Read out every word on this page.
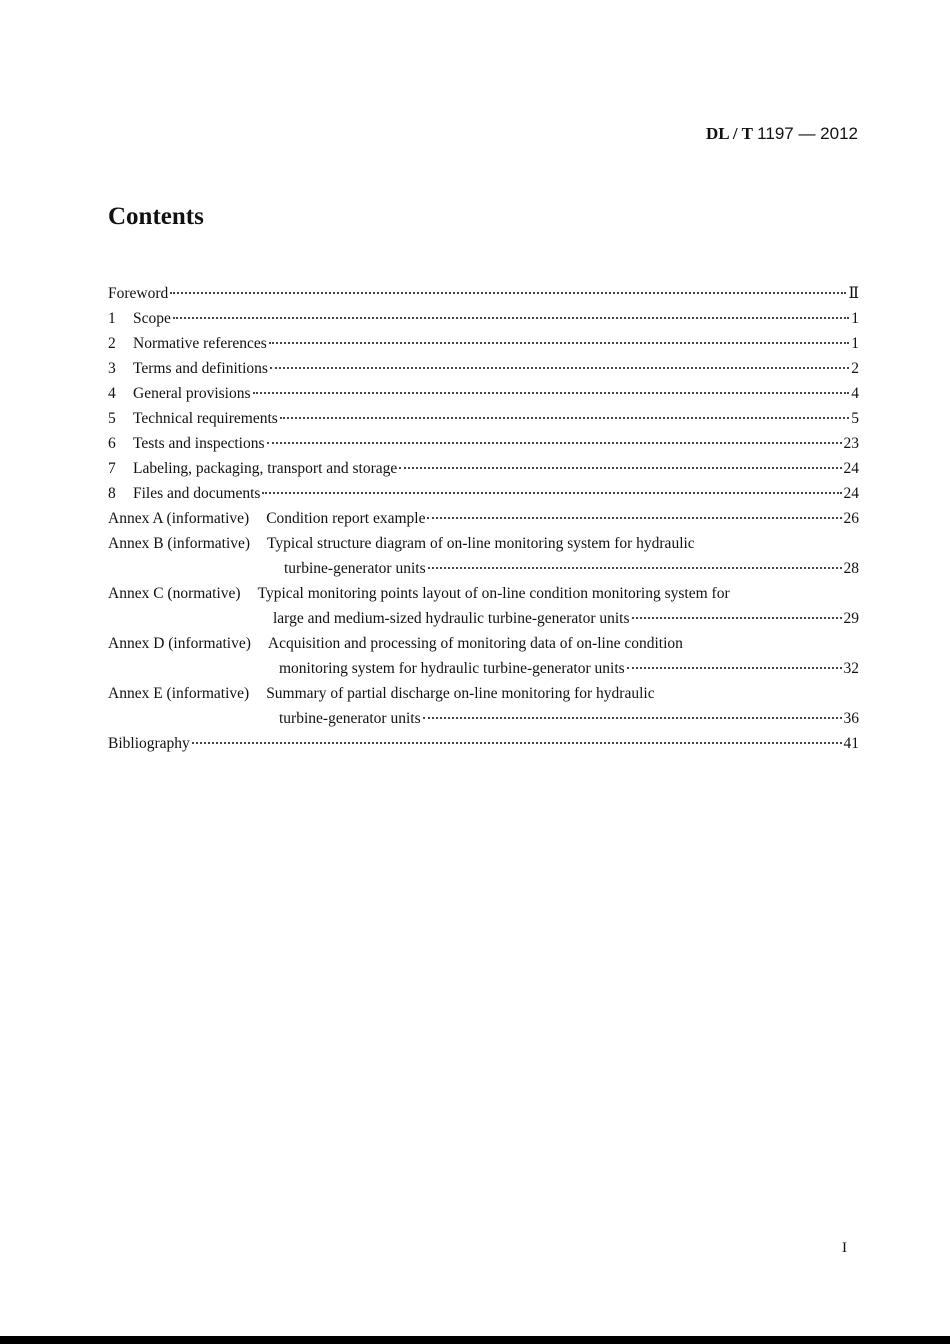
DL / T 1197 — 2012
Contents
Foreword	Ⅱ
1	Scope	1
2	Normative references	1
3	Terms and definitions	2
4	General provisions	4
5	Technical requirements	5
6	Tests and inspections	23
7	Labeling, packaging, transport and storage	24
8	Files and documents	24
Annex A (informative) Condition report example	26
Annex B (informative) Typical structure diagram of on-line monitoring system for hydraulic
turbine-generator units	28
Annex C (normative) Typical monitoring points layout of on-line condition monitoring system for
large and medium-sized hydraulic turbine-generator units	29
Annex D (informative) Acquisition and processing of monitoring data of on-line condition
monitoring system for hydraulic turbine-generator units	32
Annex E (informative) Summary of partial discharge on-line monitoring for hydraulic
turbine-generator units	36
Bibliography	41
I
